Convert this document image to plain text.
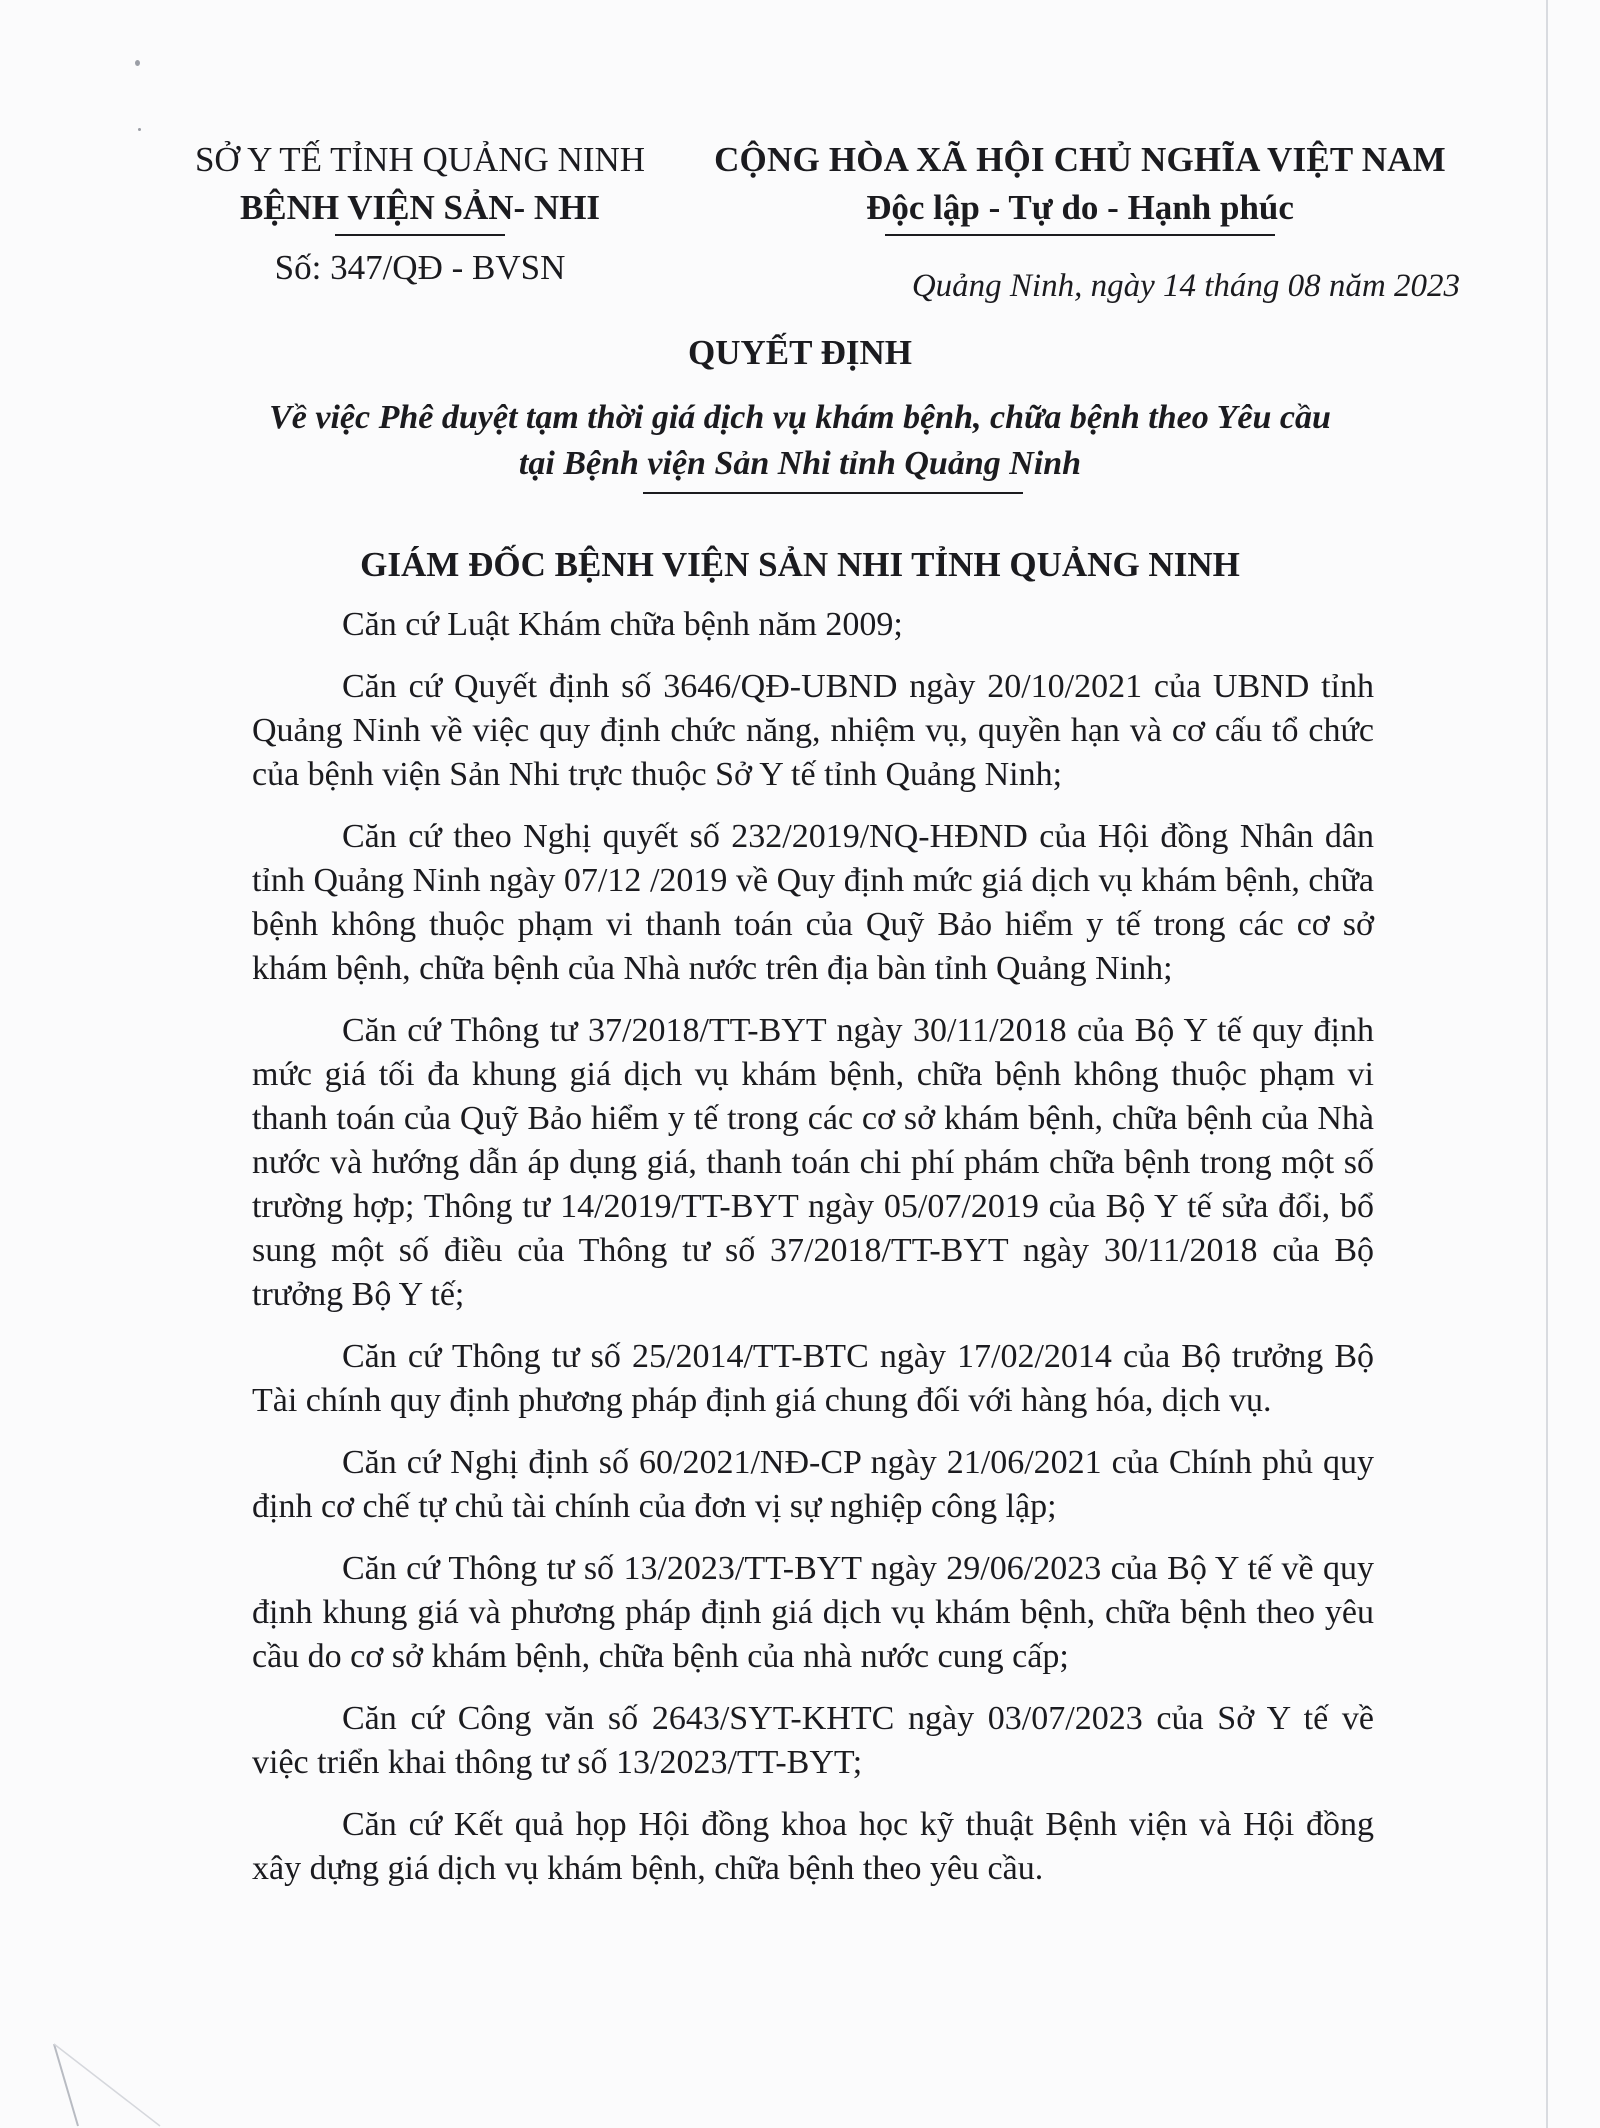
SỞ Y TẾ TỈNH QUẢNG NINH
BỆNH VIỆN SẢN- NHI
Số: 347/QĐ - BVSN
CỘNG HÒA XÃ HỘI CHỦ NGHĨA VIỆT NAM
Độc lập - Tự do - Hạnh phúc
Quảng Ninh, ngày 14 tháng 08 năm 2023
QUYẾT ĐỊNH
Về việc Phê duyệt tạm thời giá dịch vụ khám bệnh, chữa bệnh theo Yêu cầu
tại Bệnh viện Sản Nhi tỉnh Quảng Ninh
GIÁM ĐỐC BỆNH VIỆN SẢN NHI TỈNH QUẢNG NINH

Căn cứ Luật Khám chữa bệnh năm 2009;

Căn cứ Quyết định số 3646/QĐ-UBND ngày 20/10/2021 của UBND tỉnh Quảng Ninh về việc quy định chức năng, nhiệm vụ, quyền hạn và cơ cấu tổ chức của bệnh viện Sản Nhi trực thuộc Sở Y tế tỉnh Quảng Ninh;

Căn cứ theo Nghị quyết số 232/2019/NQ-HĐND của Hội đồng Nhân dân tỉnh Quảng Ninh ngày 07/12 /2019 về Quy định mức giá dịch vụ khám bệnh, chữa bệnh không thuộc phạm vi thanh toán của Quỹ Bảo hiểm y tế trong các cơ sở khám bệnh, chữa bệnh của Nhà nước trên địa bàn tỉnh Quảng Ninh;

Căn cứ Thông tư 37/2018/TT-BYT ngày 30/11/2018 của Bộ Y tế quy định mức giá tối đa khung giá dịch vụ khám bệnh, chữa bệnh không thuộc phạm vi thanh toán của Quỹ Bảo hiểm y tế trong các cơ sở khám bệnh, chữa bệnh của Nhà nước và hướng dẫn áp dụng giá, thanh toán chi phí phám chữa bệnh trong một số trường hợp; Thông tư 14/2019/TT-BYT ngày 05/07/2019 của Bộ Y tế sửa đổi, bổ sung một số điều của Thông tư số 37/2018/TT-BYT ngày 30/11/2018 của Bộ trưởng Bộ Y tế;

Căn cứ Thông tư số 25/2014/TT-BTC ngày 17/02/2014 của Bộ trưởng Bộ Tài chính quy định phương pháp định giá chung đối với hàng hóa, dịch vụ.

Căn cứ Nghị định số 60/2021/NĐ-CP ngày 21/06/2021 của Chính phủ quy định cơ chế tự chủ tài chính của đơn vị sự nghiệp công lập;

Căn cứ Thông tư số 13/2023/TT-BYT ngày 29/06/2023 của Bộ Y tế về quy định khung giá và phương pháp định giá dịch vụ khám bệnh, chữa bệnh theo yêu cầu do cơ sở khám bệnh, chữa bệnh của nhà nước cung cấp;

Căn cứ Công văn số 2643/SYT-KHTC ngày 03/07/2023 của Sở Y tế về việc triển khai thông tư số 13/2023/TT-BYT;

Căn cứ Kết quả họp Hội đồng khoa học kỹ thuật Bệnh viện và Hội đồng xây dựng giá dịch vụ khám bệnh, chữa bệnh theo yêu cầu.
